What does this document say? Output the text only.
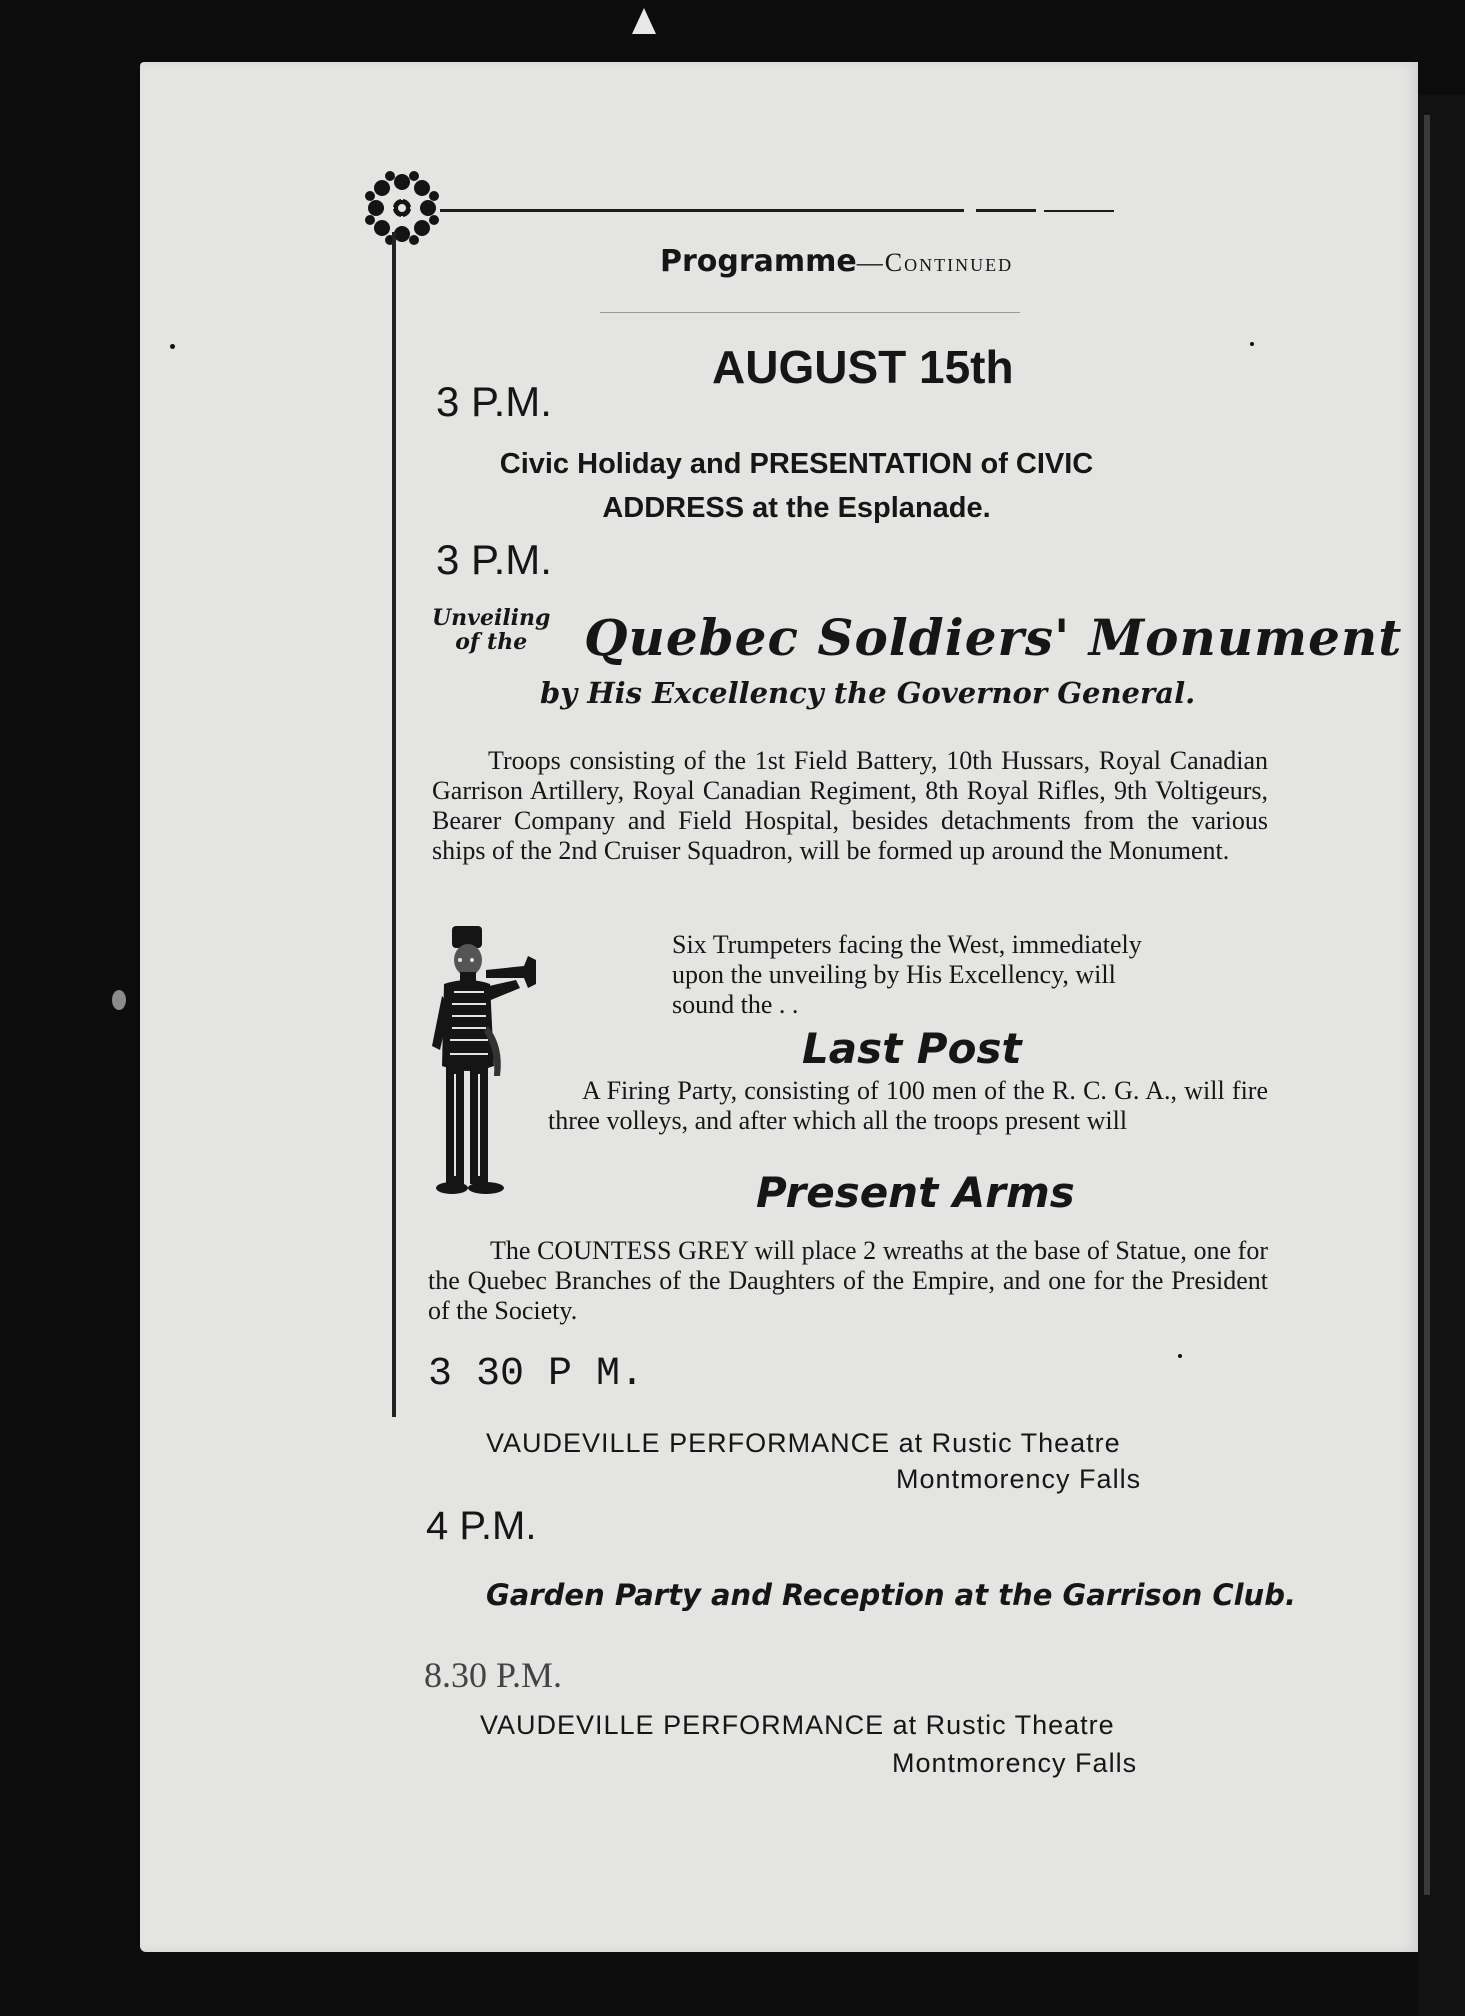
Programme—Continued
AUGUST 15th
3 P.M.
Civic Holiday and PRESENTATION of CIVIC
ADDRESS at the Esplanade.
3 P.M.
Unveiling
of the	Quebec Soldiers' Monument
by His Excellency the Governor General.

Troops consisting of the 1st Field Battery, 10th Hussars, Royal Canadian Garrison Artillery, Royal Canadian Regiment, 8th Royal Rifles, 9th Voltigeurs, Bearer Company and Field Hospital, besides detachments from the various ships of the 2nd Cruiser Squadron, will be formed up around the Monument.

Six Trumpeters facing the West, immediately upon the unveiling by His Excellency, will sound the . .

Last Post

A Firing Party, consisting of 100 men of the R. C. G. A., will fire three volleys, and after which all the troops present will

Present Arms

The COUNTESS GREY will place 2 wreaths at the base of Statue, one for the Quebec Branches of the Daughters of the Empire, and one for the President of the Society.

3 30 P M.
VAUDEVILLE PERFORMANCE at Rustic Theatre
Montmorency Falls
4 P.M.
Garden Party and Reception at the Garrison Club.
8.30 P.M.
VAUDEVILLE PERFORMANCE at Rustic Theatre
Montmorency Falls
